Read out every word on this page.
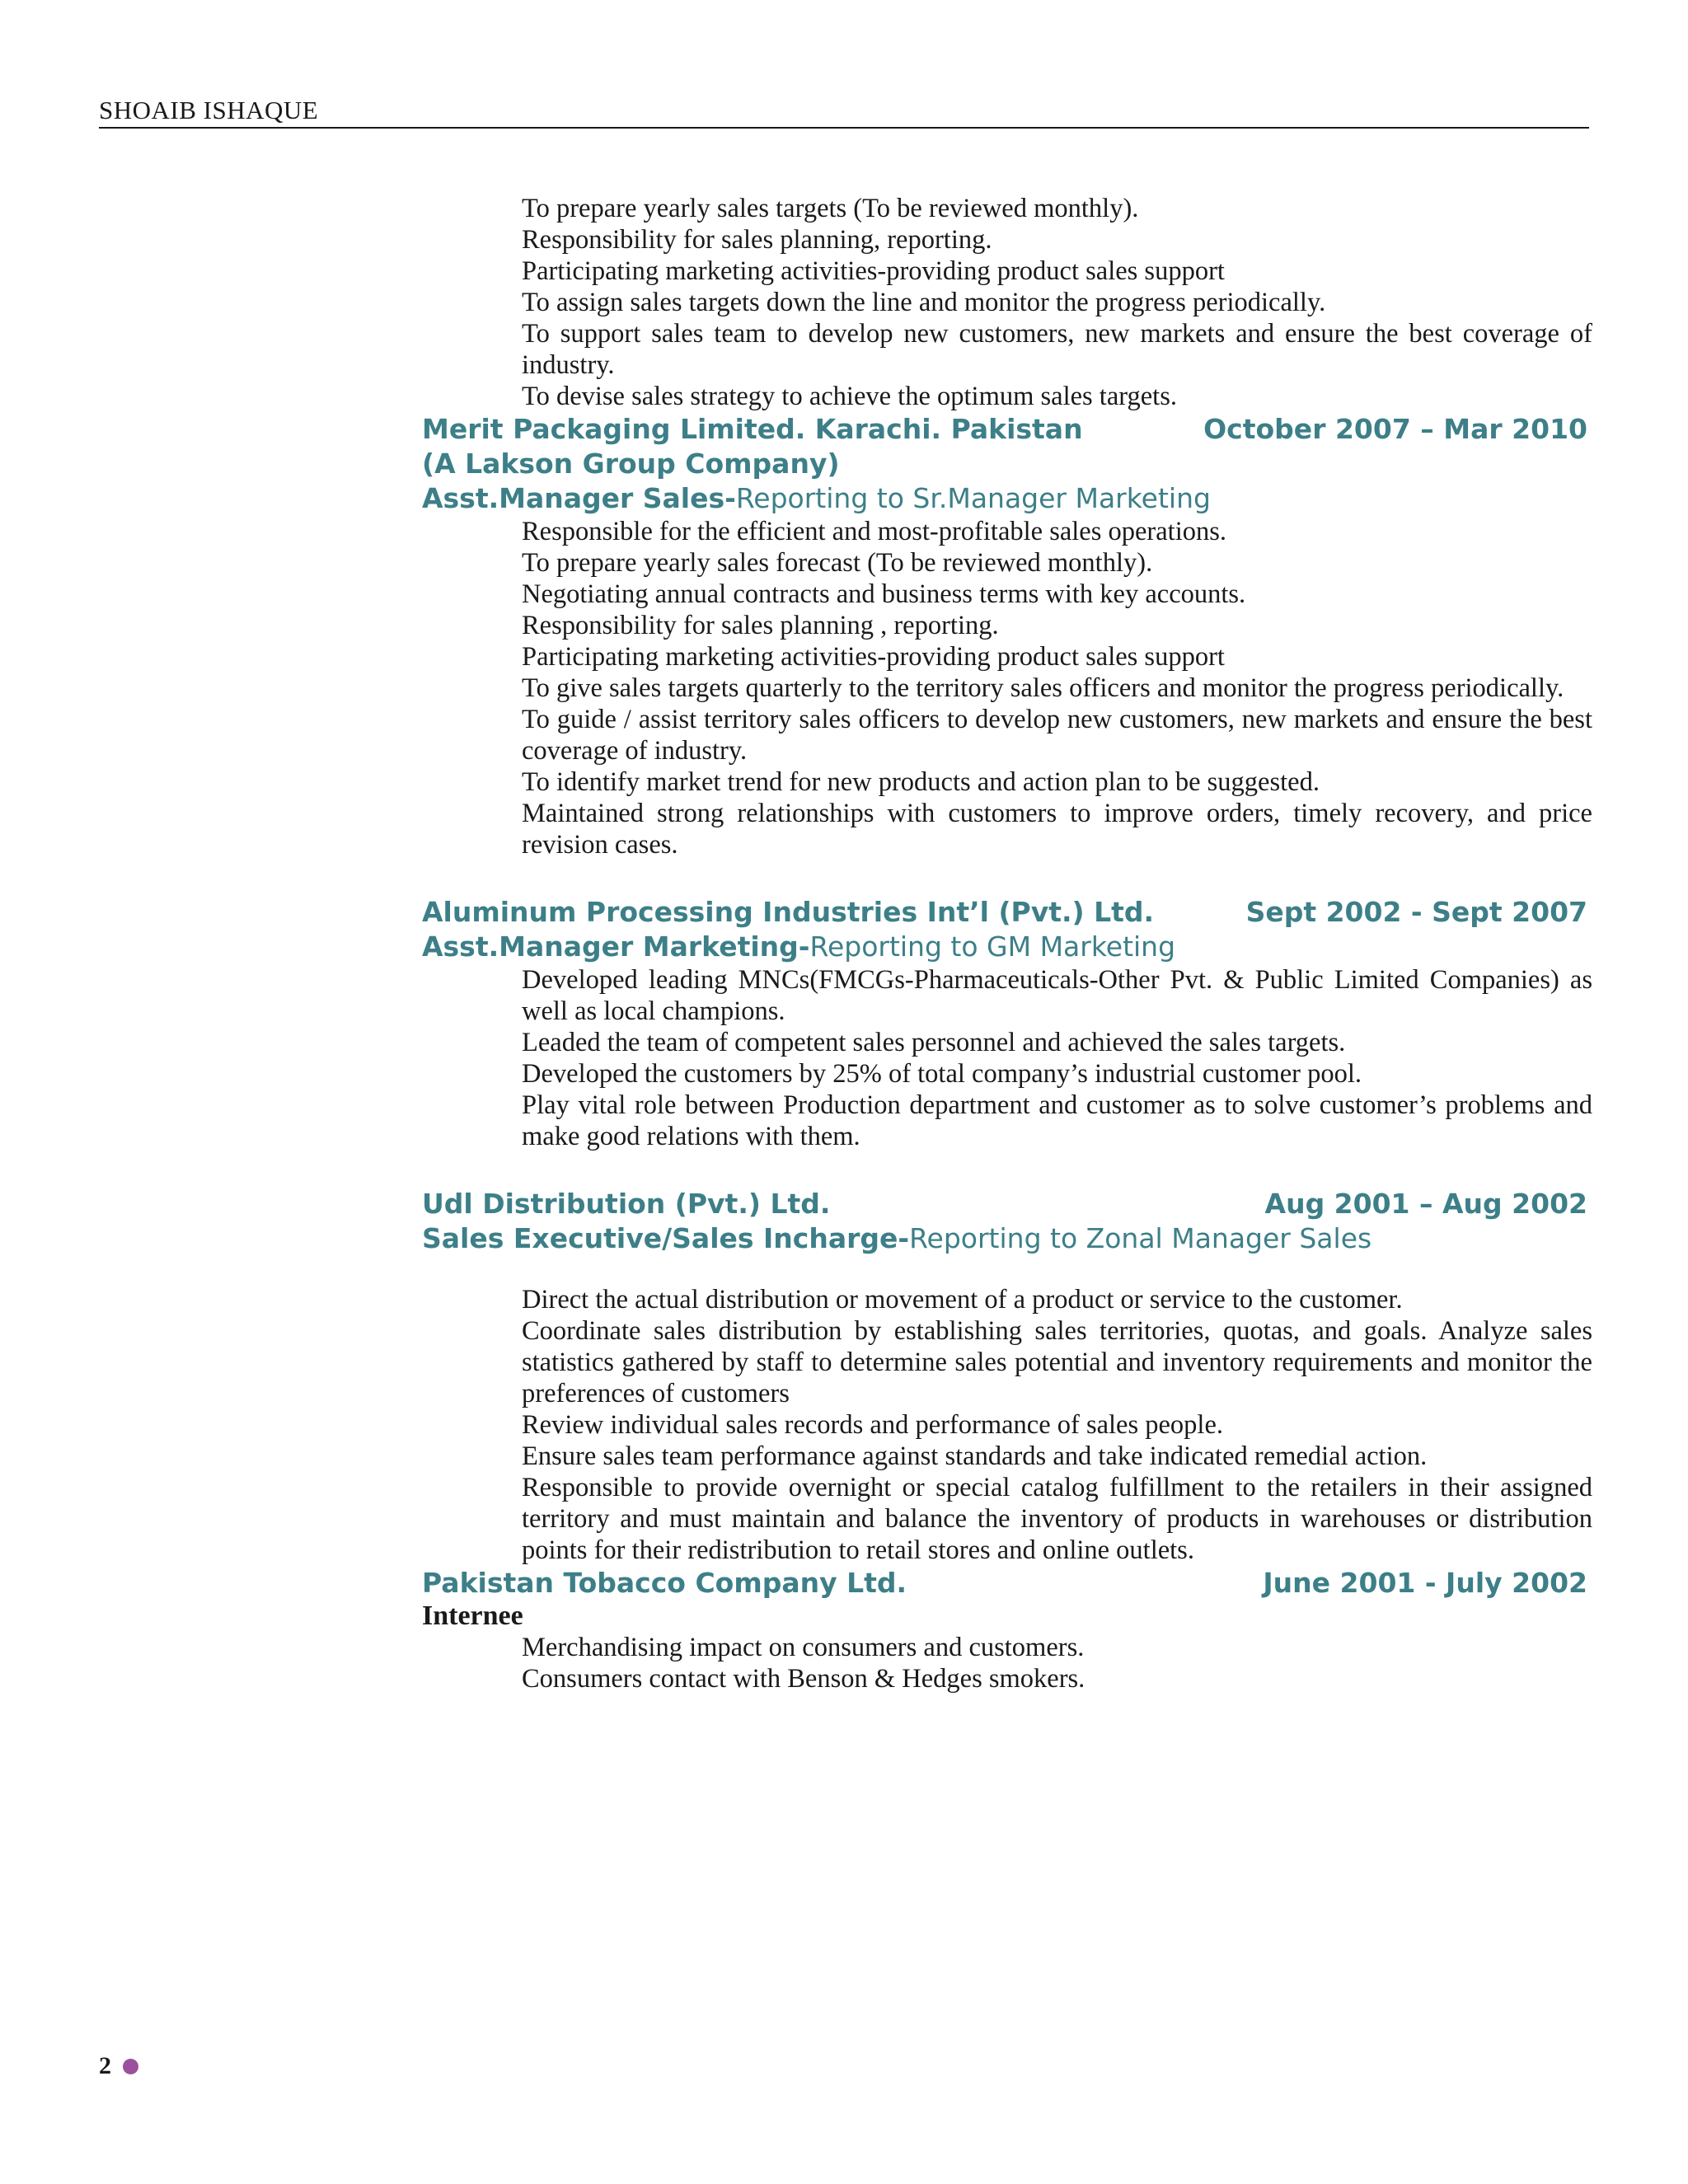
SHOAIB ISHAQUE
To prepare yearly sales targets (To be reviewed monthly).
Responsibility for sales planning, reporting.
Participating marketing activities-providing product sales support
To assign sales targets down the line and monitor the progress periodically.
To support sales team to develop new customers, new markets and ensure the best coverage of industry.
To devise sales strategy to achieve the optimum sales targets.
Merit Packaging Limited. Karachi. Pakistan	October 2007 – Mar 2010
(A Lakson Group Company)
Asst.Manager Sales-Reporting to Sr.Manager Marketing
Responsible for the efficient and most-profitable sales operations.
To prepare yearly sales forecast (To be reviewed monthly).
Negotiating annual contracts and business terms with key accounts.
Responsibility for sales planning , reporting.
Participating marketing activities-providing product sales support
To give sales targets quarterly to the territory sales officers and monitor the progress periodically.
To guide / assist territory sales officers to develop new customers, new markets and ensure the best coverage of industry.
To identify market trend for new products and action plan to be suggested.
Maintained strong relationships with customers to improve orders, timely recovery, and price revision cases.
Aluminum Processing Industries Int’l (Pvt.) Ltd.	Sept 2002 - Sept 2007
Asst.Manager Marketing-Reporting to GM Marketing
Developed leading MNCs(FMCGs-Pharmaceuticals-Other Pvt. & Public Limited Companies) as well as local champions.
Leaded the team of competent sales personnel and achieved the sales targets.
Developed the customers by 25% of total company’s industrial customer pool.
Play vital role between Production department and customer as to solve customer’s problems and make good relations with them.
Udl Distribution (Pvt.) Ltd.	Aug 2001 – Aug 2002
Sales Executive/Sales Incharge-Reporting to Zonal Manager Sales
Direct the actual distribution or movement of a product or service to the customer.
Coordinate sales distribution by establishing sales territories, quotas, and goals. Analyze sales statistics gathered by staff to determine sales potential and inventory requirements and monitor the preferences of customers
Review individual sales records and performance of sales people.
Ensure sales team performance against standards and take indicated remedial action.
Responsible to provide overnight or special catalog fulfillment to the retailers in their assigned territory and must maintain and balance the inventory of products in warehouses or distribution points for their redistribution to retail stores and online outlets.
Pakistan Tobacco Company Ltd.	June 2001 - July 2002
Internee
Merchandising impact on consumers and customers.
Consumers contact with Benson & Hedges smokers.
2
